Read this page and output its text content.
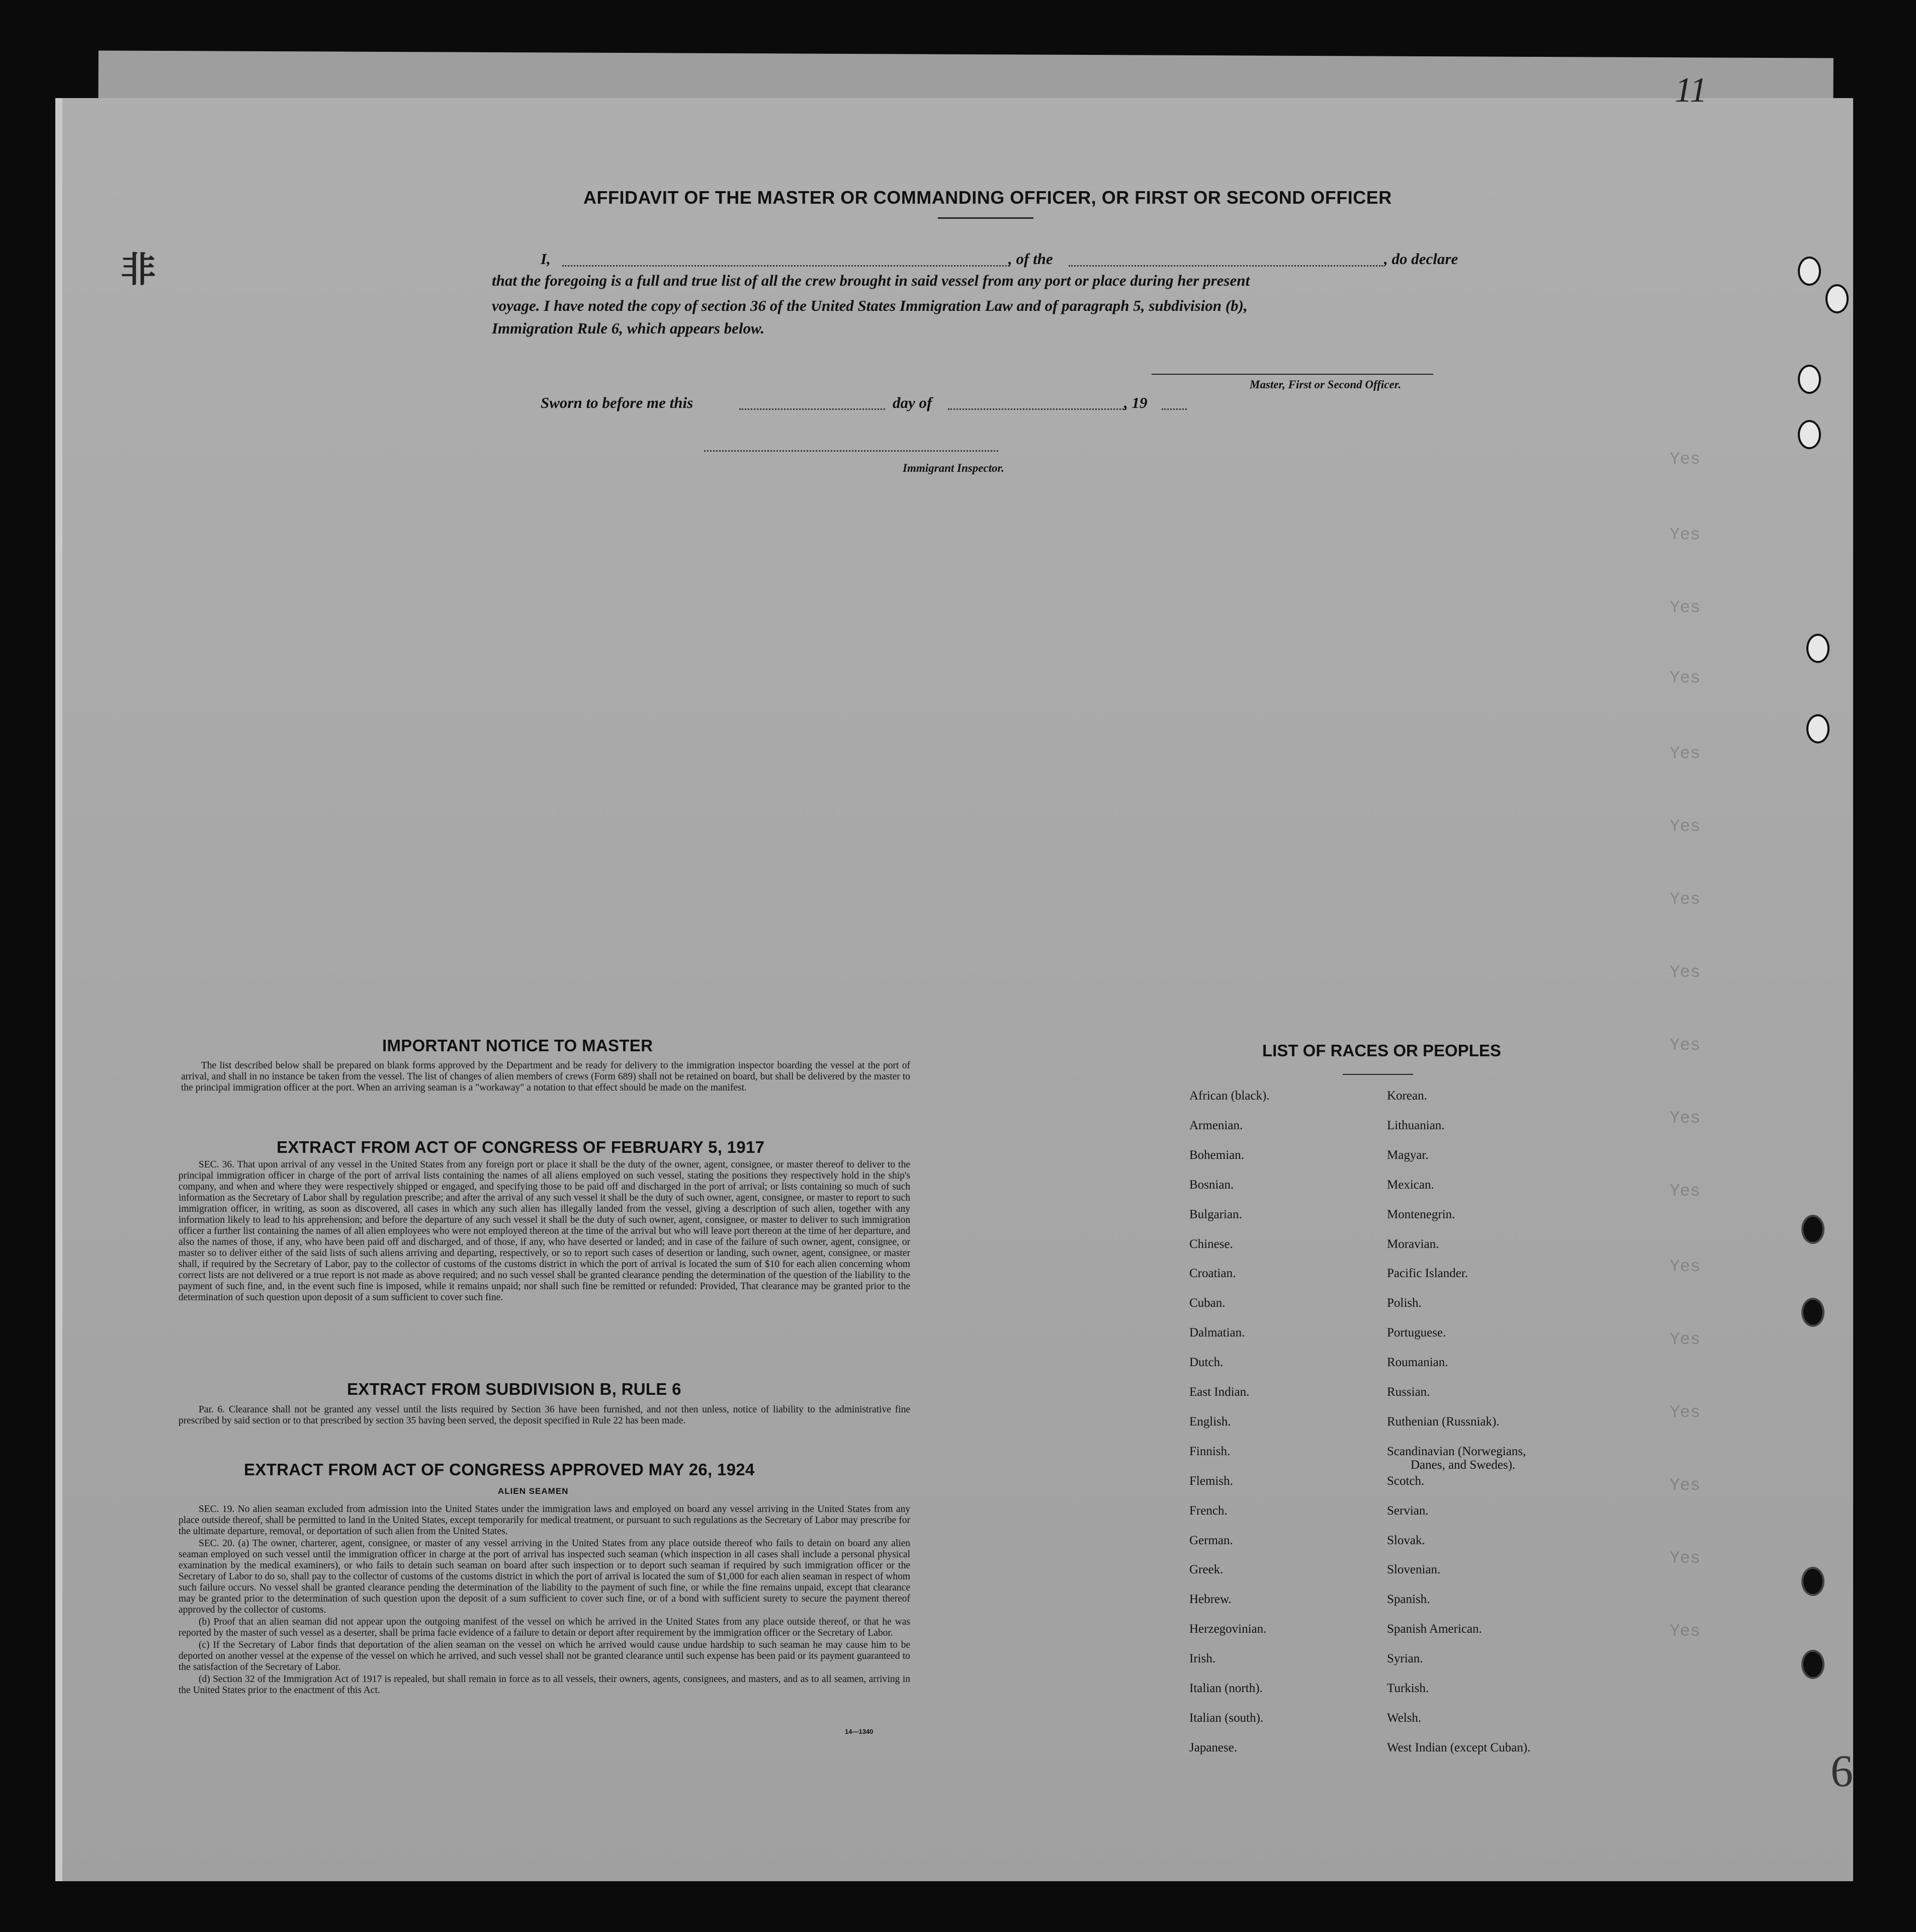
11
6
⾮
Yes
Yes
Yes
Yes
Yes
Yes
Yes
Yes
Yes
Yes
Yes
Yes
Yes
Yes
Yes
Yes
Yes
AFFIDAVIT OF THE MASTER OR COMMANDING OFFICER, OR FIRST OR SECOND OFFICER
I,	, of the	, do declare
that the foregoing is a full and true list of all the crew brought in said vessel from any port or place during her present
voyage. I have noted the copy of section 36 of the United States Immigration Law and of paragraph 5, subdivision (b),
Immigration Rule 6, which appears below.
Master, First or Second Officer.
Sworn to before me this	day of	, 19
Immigrant Inspector.
IMPORTANT NOTICE TO MASTER

The list described below shall be prepared on blank forms approved by the Department and be ready for delivery to the immigration inspector boarding the vessel at the port of arrival, and shall in no instance be taken from the vessel. The list of changes of alien members of crews (Form 689) shall not be retained on board, but shall be delivered by the master to the principal immigration officer at the port. When an arriving seaman is a "workaway" a notation to that effect should be made on the manifest.

EXTRACT FROM ACT OF CONGRESS OF FEBRUARY 5, 1917

SEC. 36. That upon arrival of any vessel in the United States from any foreign port or place it shall be the duty of the owner, agent, consignee, or master thereof to deliver to the principal immigration officer in charge of the port of arrival lists containing the names of all aliens employed on such vessel, stating the positions they respectively hold in the ship's company, and when and where they were respectively shipped or engaged, and specifying those to be paid off and discharged in the port of arrival; or lists containing so much of such information as the Secretary of Labor shall by regulation prescribe; and after the arrival of any such vessel it shall be the duty of such owner, agent, consignee, or master to report to such immigration officer, in writing, as soon as discovered, all cases in which any such alien has illegally landed from the vessel, giving a description of such alien, together with any information likely to lead to his apprehension; and before the departure of any such vessel it shall be the duty of such owner, agent, consignee, or master to deliver to such immigration officer a further list containing the names of all alien employees who were not employed thereon at the time of the arrival but who will leave port thereon at the time of her departure, and also the names of those, if any, who have been paid off and discharged, and of those, if any, who have deserted or landed; and in case of the failure of such owner, agent, consignee, or master so to deliver either of the said lists of such aliens arriving and departing, respectively, or so to report such cases of desertion or landing, such owner, agent, consignee, or master shall, if required by the Secretary of Labor, pay to the collector of customs of the customs district in which the port of arrival is located the sum of $10 for each alien concerning whom correct lists are not delivered or a true report is not made as above required; and no such vessel shall be granted clearance pending the determination of the question of the liability to the payment of such fine, and, in the event such fine is imposed, while it remains unpaid; nor shall such fine be remitted or refunded: Provided, That clearance may be granted prior to the determination of such question upon deposit of a sum sufficient to cover such fine.

EXTRACT FROM SUBDIVISION B, RULE 6

Par. 6. Clearance shall not be granted any vessel until the lists required by Section 36 have been furnished, and not then unless, notice of liability to the administrative fine prescribed by said section or to that prescribed by section 35 having been served, the deposit specified in Rule 22 has been made.

EXTRACT FROM ACT OF CONGRESS APPROVED MAY 26, 1924
ALIEN SEAMEN

SEC. 19. No alien seaman excluded from admission into the United States under the immigration laws and employed on board any vessel arriving in the United States from any place outside thereof, shall be permitted to land in the United States, except temporarily for medical treatment, or pursuant to such regulations as the Secretary of Labor may prescribe for the ultimate departure, removal, or deportation of such alien from the United States.

SEC. 20. (a) The owner, charterer, agent, consignee, or master of any vessel arriving in the United States from any place outside thereof who fails to detain on board any alien seaman employed on such vessel until the immigration officer in charge at the port of arrival has inspected such seaman (which inspection in all cases shall include a personal physical examination by the medical examiners), or who fails to detain such seaman on board after such inspection or to deport such seaman if required by such immigration officer or the Secretary of Labor to do so, shall pay to the collector of customs of the customs district in which the port of arrival is located the sum of $1,000 for each alien seaman in respect of whom such failure occurs. No vessel shall be granted clearance pending the determination of the liability to the payment of such fine, or while the fine remains unpaid, except that clearance may be granted prior to the determination of such question upon the deposit of a sum sufficient to cover such fine, or of a bond with sufficient surety to secure the payment thereof approved by the collector of customs.

(b) Proof that an alien seaman did not appear upon the outgoing manifest of the vessel on which he arrived in the United States from any place outside thereof, or that he was reported by the master of such vessel as a deserter, shall be prima facie evidence of a failure to detain or deport after requirement by the immigration officer or the Secretary of Labor.

(c) If the Secretary of Labor finds that deportation of the alien seaman on the vessel on which he arrived would cause undue hardship to such seaman he may cause him to be deported on another vessel at the expense of the vessel on which he arrived, and such vessel shall not be granted clearance until such expense has been paid or its payment guaranteed to the satisfaction of the Secretary of Labor.

(d) Section 32 of the Immigration Act of 1917 is repealed, but shall remain in force as to all vessels, their owners, agents, consignees, and masters, and as to all seamen, arriving in the United States prior to the enactment of this Act.

14—1340
LIST OF RACES OR PEOPLES
African (black).
Armenian.
Bohemian.
Bosnian.
Bulgarian.
Chinese.
Croatian.
Cuban.
Dalmatian.
Dutch.
East Indian.
English.
Finnish.
Flemish.
French.
German.
Greek.
Hebrew.
Herzegovinian.
Irish.
Italian (north).
Italian (south).
Japanese.
Korean.
Lithuanian.
Magyar.
Mexican.
Montenegrin.
Moravian.
Pacific Islander.
Polish.
Portuguese.
Roumanian.
Russian.
Ruthenian (Russniak).
Scandinavian (Norwegians,
Danes, and Swedes).
Scotch.
Servian.
Slovak.
Slovenian.
Spanish.
Spanish American.
Syrian.
Turkish.
Welsh.
West Indian (except Cuban).
